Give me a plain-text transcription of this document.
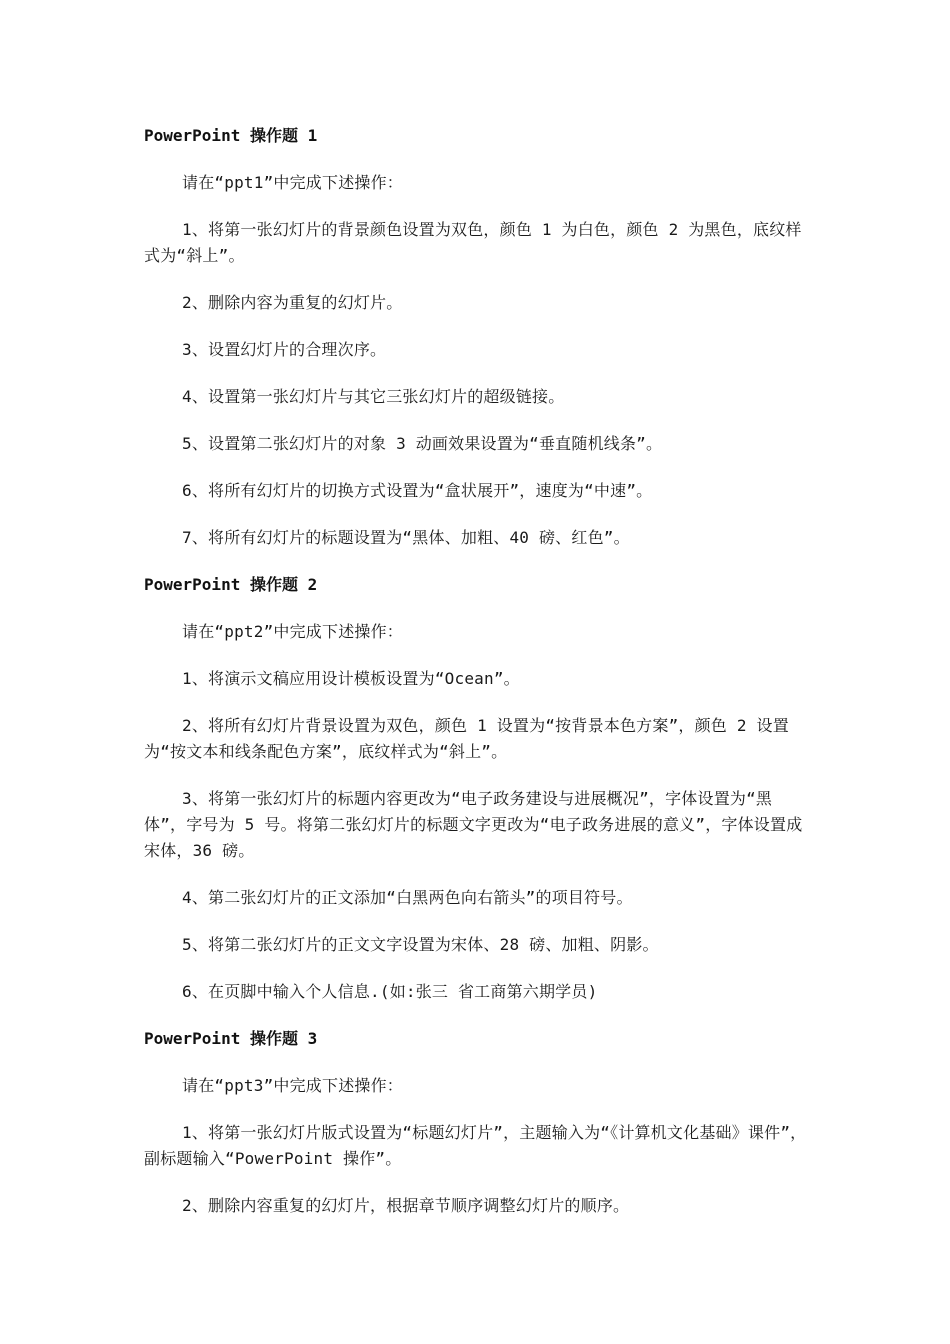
PowerPoint 操作题 1
请在“ppt1”中完成下述操作：
1、将第一张幻灯片的背景颜色设置为双色，颜色 1 为白色，颜色 2 为黑色，底纹样式为“斜上”。
2、删除内容为重复的幻灯片。
3、设置幻灯片的合理次序。
4、设置第一张幻灯片与其它三张幻灯片的超级链接。
5、设置第二张幻灯片的对象 3 动画效果设置为“垂直随机线条”。
6、将所有幻灯片的切换方式设置为“盒状展开”，速度为“中速”。
7、将所有幻灯片的标题设置为“黑体、加粗、40 磅、红色”。
PowerPoint 操作题 2
请在“ppt2”中完成下述操作：
1、将演示文稿应用设计模板设置为“Ocean”。
2、将所有幻灯片背景设置为双色，颜色 1 设置为“按背景本色方案”，颜色 2 设置为“按文本和线条配色方案”，底纹样式为“斜上”。
3、将第一张幻灯片的标题内容更改为“电子政务建设与进展概况”，字体设置为“黑体”，字号为 5 号。将第二张幻灯片的标题文字更改为“电子政务进展的意义”，字体设置成宋体，36 磅。
4、第二张幻灯片的正文添加“白黑两色向右箭头”的项目符号。
5、将第二张幻灯片的正文文字设置为宋体、28 磅、加粗、阴影。
6、在页脚中输入个人信息.(如:张三 省工商第六期学员)
PowerPoint 操作题 3
请在“ppt3”中完成下述操作：
1、将第一张幻灯片版式设置为“标题幻灯片”，主题输入为“《计算机文化基础》课件”，副标题输入“PowerPoint 操作”。
2、删除内容重复的幻灯片，根据章节顺序调整幻灯片的顺序。
